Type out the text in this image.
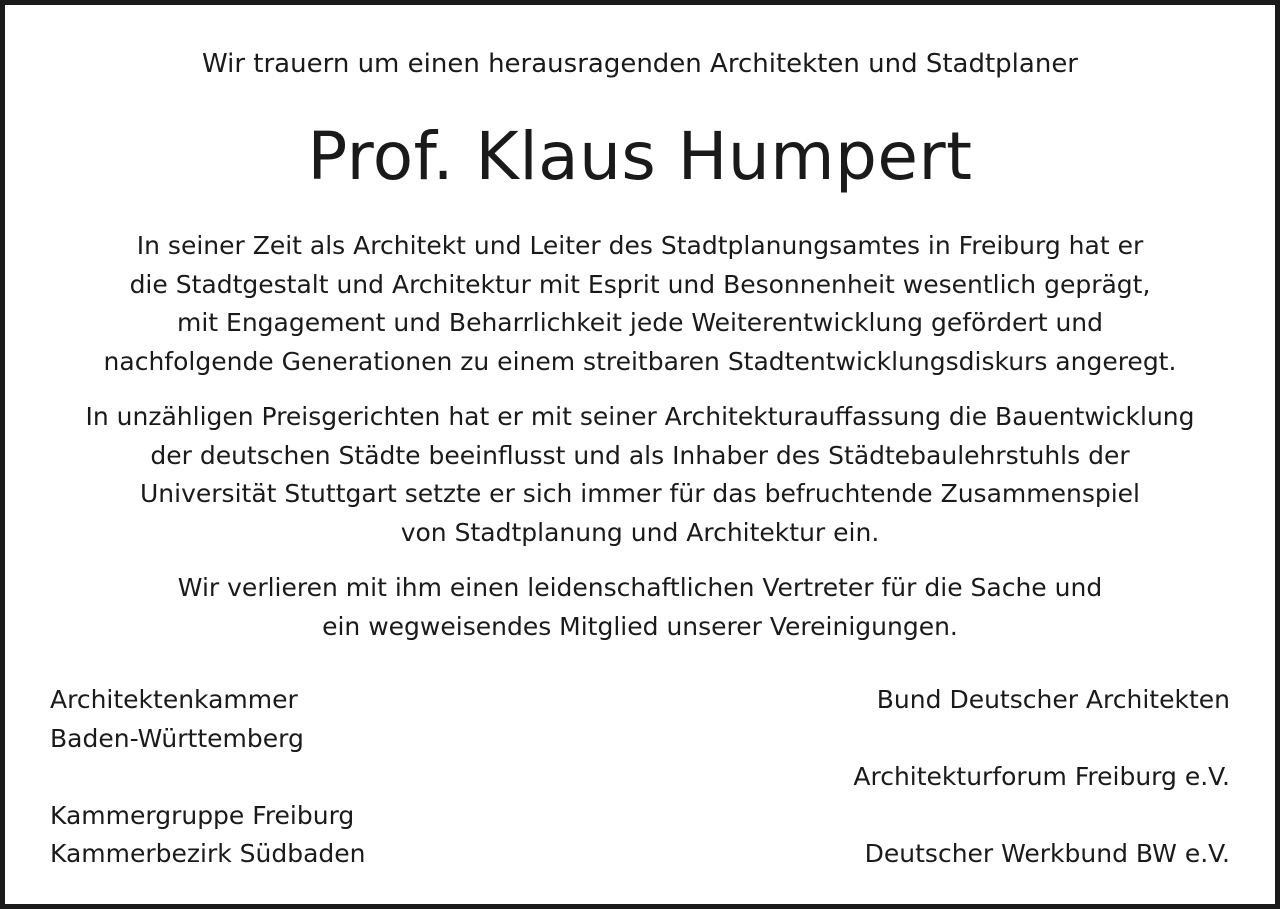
Wir trauern um einen herausragenden Architekten und Stadtplaner
Prof. Klaus Humpert
In seiner Zeit als Architekt und Leiter des Stadtplanungsamtes in Freiburg hat er
die Stadtgestalt und Architektur mit Esprit und Besonnenheit wesentlich geprägt,
mit Engagement und Beharrlichkeit jede Weiterentwicklung gefördert und
nachfolgende Generationen zu einem streitbaren Stadtentwicklungsdiskurs angeregt.
In unzähligen Preisgerichten hat er mit seiner Architekturauffassung die Bauentwicklung
der deutschen Städte beeinflusst und als Inhaber des Städtebaulehrstuhls der
Universität Stuttgart setzte er sich immer für das befruchtende Zusammenspiel
von Stadtplanung und Architektur ein.
Wir verlieren mit ihm einen leidenschaftlichen Vertreter für die Sache und
ein wegweisendes Mitglied unserer Vereinigungen.
Architektenkammer
Baden-Württemberg
Kammergruppe Freiburg
Kammerbezirk Südbaden
Bund Deutscher Architekten
Architekturforum Freiburg e.V.
Deutscher Werkbund BW e.V.
